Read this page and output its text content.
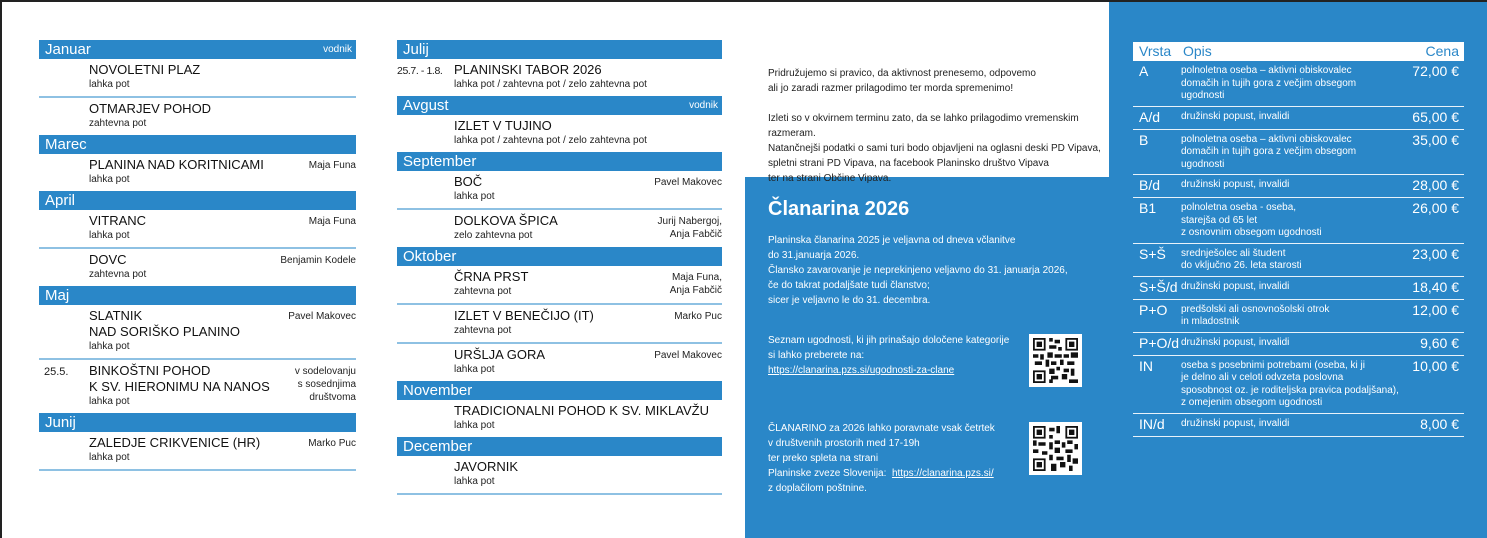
Januar	vodnik
NOVOLETNI PLAZ
lahka pot
OTMARJEV POHOD
zahtevna pot
Marec
PLANINA NAD KORITNICAMI
lahka pot
Maja Funa
April
VITRANC
lahka pot
Maja Funa
DOVC
zahtevna pot
Benjamin Kodele
Maj
SLATNIK
NAD SORIŠKO PLANINO
lahka pot
Pavel Makovec
25.5.	BINKOŠTNI POHOD
K SV. HIERONIMU NA NANOS
lahka pot
v sodelovanju
s sosednjima
društvoma
Junij
ZALEDJE CRIKVENICE (HR)
lahka pot
Marko Puc
Julij
25.7. - 1.8. PLANINSKI TABOR 2026
lahka pot / zahtevna pot / zelo zahtevna pot
Avgust	vodnik
IZLET V TUJINO
lahka pot / zahtevna pot / zelo zahtevna pot
September
BOČ
lahka pot
Pavel Makovec
DOLKOVA ŠPICA
zelo zahtevna pot
Jurij Nabergoj,
Anja Fabčič
Oktober
ČRNA PRST
zahtevna pot
Maja Funa,
Anja Fabčič
IZLET V BENEČIJO (IT)
zahtevna pot
Marko Puc
URŠLJA GORA
lahka pot
Pavel Makovec
November
TRADICIONALNI POHOD K SV. MIKLAVŽU
lahka pot
December
JAVORNIK
lahka pot

Pridružujemo si pravico, da aktivnost prenesemo, odpovemo
ali jo zaradi razmer prilagodimo ter morda spremenimo!

Izleti so v okvirnem terminu zato, da se lahko prilagodimo vremenskim
razmeram.
Natančnejši podatki o sami turi bodo objavljeni na oglasni deski PD Vipava,
spletni strani PD Vipava, na facebook Planinsko društvo Vipava
ter na strani Občine Vipava.

Članarina 2026
Planinska članarina 2025 je veljavna od dneva včlanitve
do 31.januarja 2026.
Člansko zavarovanje je neprekinjeno veljavno do 31. januarja 2026,
če do takrat podaljšate tudi članstvo;
sicer je veljavno le do 31. decembra.
Seznam ugodnosti, ki jih prinašajo določene kategorije
si lahko preberete na:
https://clanarina.pzs.si/ugodnosti-za-clane
ČLANARINO za 2026 lahko poravnate vsak četrtek
v društvenih prostorih med 17-19h
ter preko spleta na strani
Planinske zveze Slovenija: https://clanarina.pzs.si/
z doplačilom poštnine.
Vrsta Opis	Cena
A	polnoletna oseba – aktivni obiskovalec
domačih in tujih gora z večjim obsegom
ugodnosti
72,00 €
A/d	družinski popust, invalidi	65,00 €
B	polnoletna oseba – aktivni obiskovalec
domačih in tujih gora z večjim obsegom
ugodnosti
35,00 €
B/d	družinski popust, invalidi	28,00 €
B1	polnoletna oseba - oseba,
starejša od 65 let
z osnovnim obsegom ugodnosti
26,00 €
S+Š	srednješolec ali študent
do vključno 26. leta starosti
23,00 €
S+Š/d družinski popust, invalidi	18,40 €
P+O	predšolski ali osnovnošolski otrok
in mladostnik
12,00 €
P+O/d družinski popust, invalidi	9,60 €
IN	oseba s posebnimi potrebami (oseba, ki ji
je delno ali v celoti odvzeta poslovna
sposobnost oz. je roditeljska pravica podaljšana),
z omejenim obsegom ugodnosti
10,00 €
IN/d	družinski popust, invalidi	8,00 €
